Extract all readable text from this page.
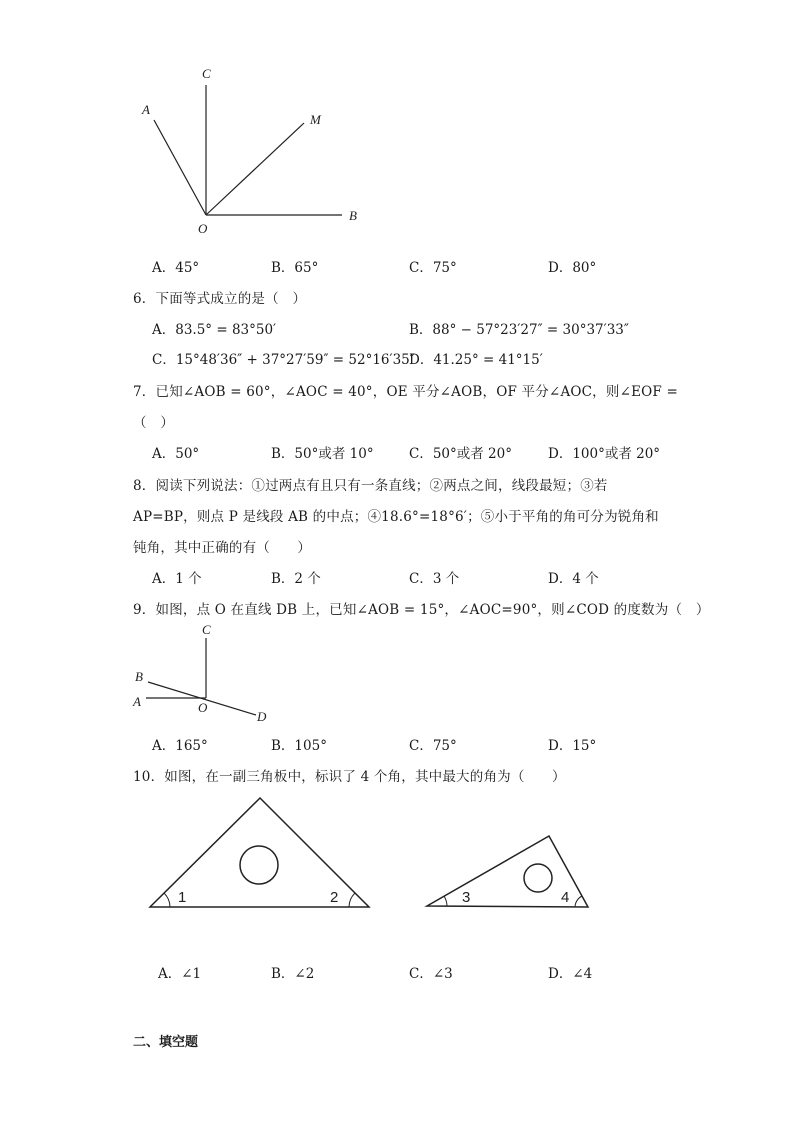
C
A
M
O
B
A．45°	B．65°	C．75°	D．80°
6．下面等式成立的是（　）
A．83.5° = 83°50′	B．88° − 57°23′27″ = 30°37′33″
C．15°48′36″ + 37°27′59″ = 52°16′35″
D．41.25° = 41°15′
7．已知∠AOB = 60°，∠AOC = 40°，OE 平分∠AOB，OF 平分∠AOC，则∠EOF =
（　）
A．50°	B．50°或者 10°	C．50°或者 20°	D．100°或者 20°
8．阅读下列说法：①过两点有且只有一条直线；②两点之间，线段最短；③若
AP=BP，则点 P 是线段 AB 的中点；④18.6°=18°6′；⑤小于平角的角可分为锐角和
钝角，其中正确的有（　　）
A．1 个	B．2 个	C．3 个	D．4 个
9．如图，点 O 在直线 DB 上，已知∠AOB = 15°，∠AOC=90°，则∠COD 的度数为（　）
C
B
A	O
D
A．165°	B．105°	C．75°	D．15°
10．如图，在一副三角板中，标识了 4 个角，其中最大的角为（　　）
1	2	3	4
A．∠1	B．∠2	C．∠3	D．∠4
二、填空题
